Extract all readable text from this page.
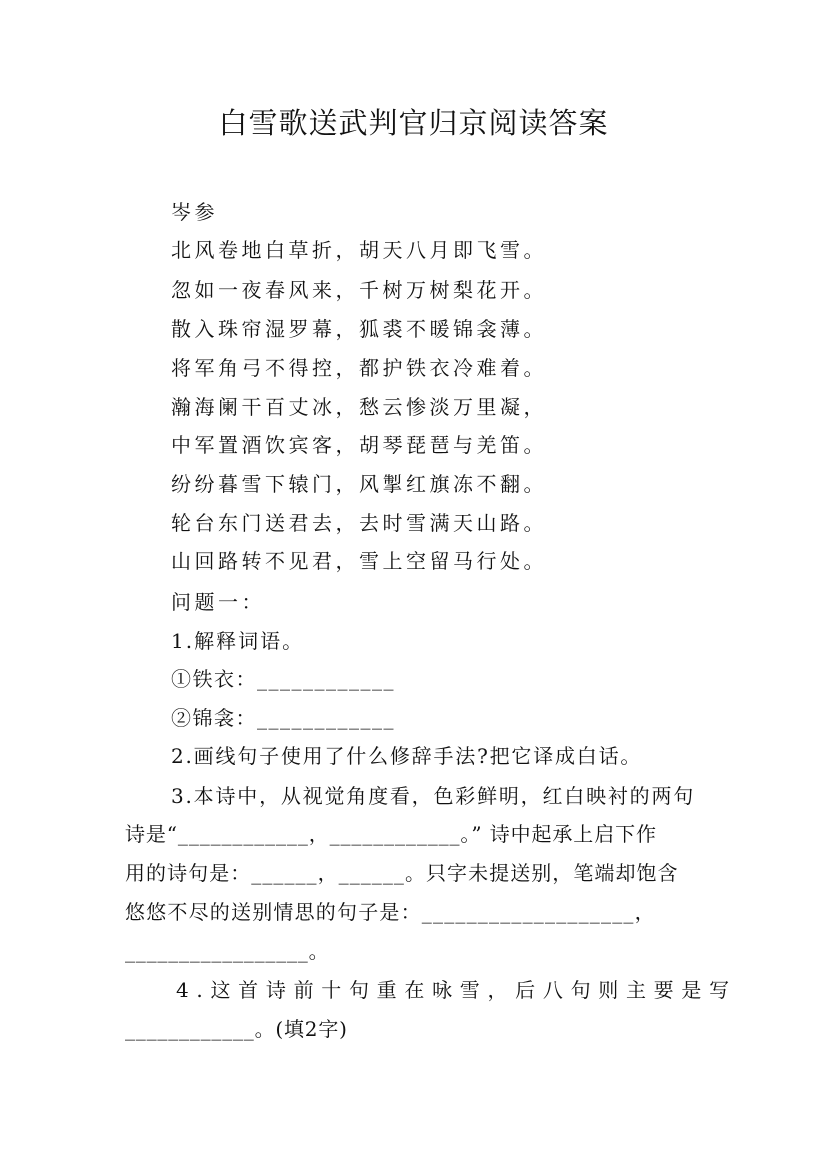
白雪歌送武判官归京阅读答案
岑参
北风卷地白草折，胡天八月即飞雪。
忽如一夜春风来，千树万树梨花开。
散入珠帘湿罗幕，狐裘不暖锦衾薄。
将军角弓不得控，都护铁衣冷难着。
瀚海阑干百丈冰，愁云惨淡万里凝，
中军置酒饮宾客，胡琴琵琶与羌笛。
纷纷暮雪下辕门，风掣红旗冻不翻。
轮台东门送君去，去时雪满天山路。
山回路转不见君，雪上空留马行处。
问题一：
1.解释词语。
①铁衣：____________
②锦衾：____________
2.画线句子使用了什么修辞手法?把它译成白话。
3.本诗中，从视觉角度看，色彩鲜明，红白映衬的两句
诗是“____________，____________。” 诗中起承上启下作
用的诗句是：______，______。只字未提送别，笔端却饱含
悠悠不尽的送别情思的句子是：___________________，
_________________。
4.这首诗前十句重在咏雪，后八句则主要是写
____________。(填2字)
